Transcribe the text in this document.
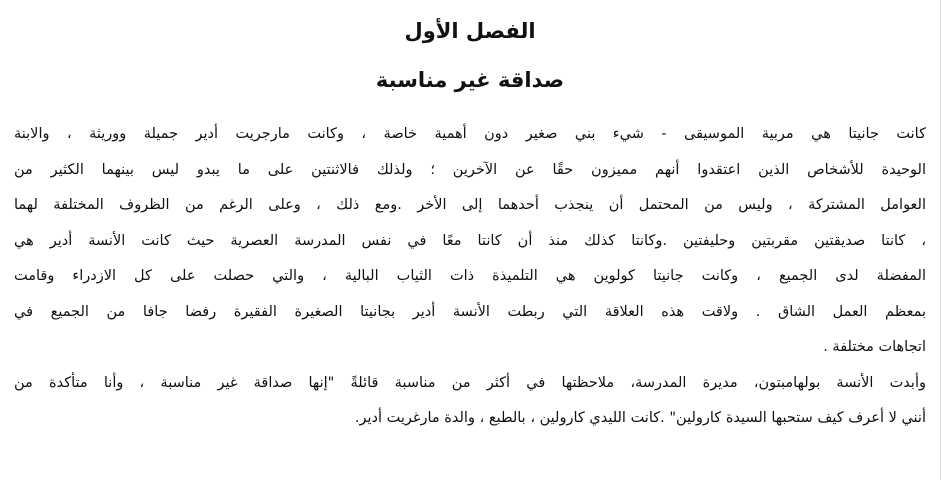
الفصل الأول
صداقة غير مناسبة
كانت جانيتا هي مربية الموسيقى - شيء بني صغير دون أهمية خاصة ، وكانت مارجريت أدير جميلة ووريثة ، والابنة
الوحيدة للأشخاص الذين اعتقدوا أنهم مميزون حقًا عن الآخرين ؛ ولذلك فالاثنتين على ما يبدو ليس بينهما الكثير من
العوامل المشتركة ، وليس من المحتمل أن ينجذب أحدهما إلى الأخر .ومع ذلك ، وعلى الرغم من الظروف المختلفة لهما
، كانتا صديقتين مقربتين وحليفتين .وكانتا كذلك منذ أن كانتا معًا في نفس المدرسة العصرية حيث كانت الأنسة أدير هي
المفضلة لدى الجميع ، وكانت جانيتا كولوين هي التلميذة ذات الثياب البالية ، والتي حصلت على كل الازدراء وقامت
بمعظم العمل الشاق . ولاقت هذه العلاقة التي ربطت الأنسة أدير بجانيتا الصغيرة الفقيرة رفضا جافا من الجميع في
اتجاهات مختلفة .
وأبدت الأنسة بولهامبتون، مديرة المدرسة، ملاحظتها في أكثر من مناسبة قائلةً "إنها صداقة غير مناسبة ، وأنا متأكدة من
أنني لا أعرف كيف ستحبها السيدة كارولين" .كانت الليدي كارولين ، بالطبع ، والدة مارغريت أدير.
